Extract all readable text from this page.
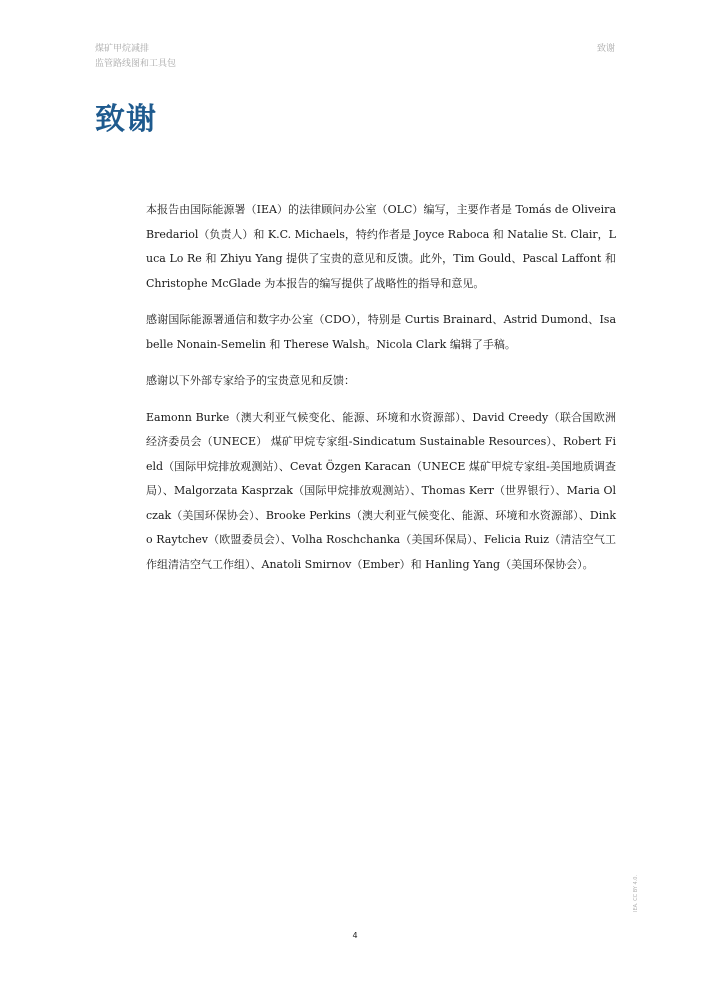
煤矿甲烷减排
监管路线图和工具包
致谢
致谢

本报告由国际能源署（IEA）的法律顾问办公室（OLC）编写，主要作者是 Tomás de Oliveira Bredariol（负责人）和 K.C. Michaels，特约作者是 Joyce Raboca 和 Natalie St. Clair，Luca Lo Re 和 Zhiyu Yang 提供了宝贵的意见和反馈。此外，Tim Gould、Pascal Laffont 和 Christophe McGlade 为本报告的编写提供了战略性的指导和意见。

感谢国际能源署通信和数字办公室（CDO），特别是 Curtis Brainard、Astrid Dumond、Isabelle Nonain-Semelin 和 Therese Walsh。Nicola Clark 编辑了手稿。

感谢以下外部专家给予的宝贵意见和反馈：

Eamonn Burke（澳大利亚气候变化、能源、环境和水资源部）、David Creedy（联合国欧洲经济委员会（UNECE） 煤矿甲烷专家组-Sindicatum Sustainable Resources）、Robert Field（国际甲烷排放观测站）、Cevat Özgen Karacan（UNECE 煤矿甲烷专家组-美国地质调查局）、Malgorzata Kasprzak（国际甲烷排放观测站）、Thomas Kerr（世界银行）、Maria Olczak（美国环保协会）、Brooke Perkins（澳大利亚气候变化、能源、环境和水资源部）、Dinko Raytchev（欧盟委员会）、Volha Roschchanka（美国环保局）、Felicia Ruiz（清洁空气工作组清洁空气工作组）、Anatoli Smirnov（Ember）和 Hanling Yang（美国环保协会）。

4
IEA. CC BY 4.0.
